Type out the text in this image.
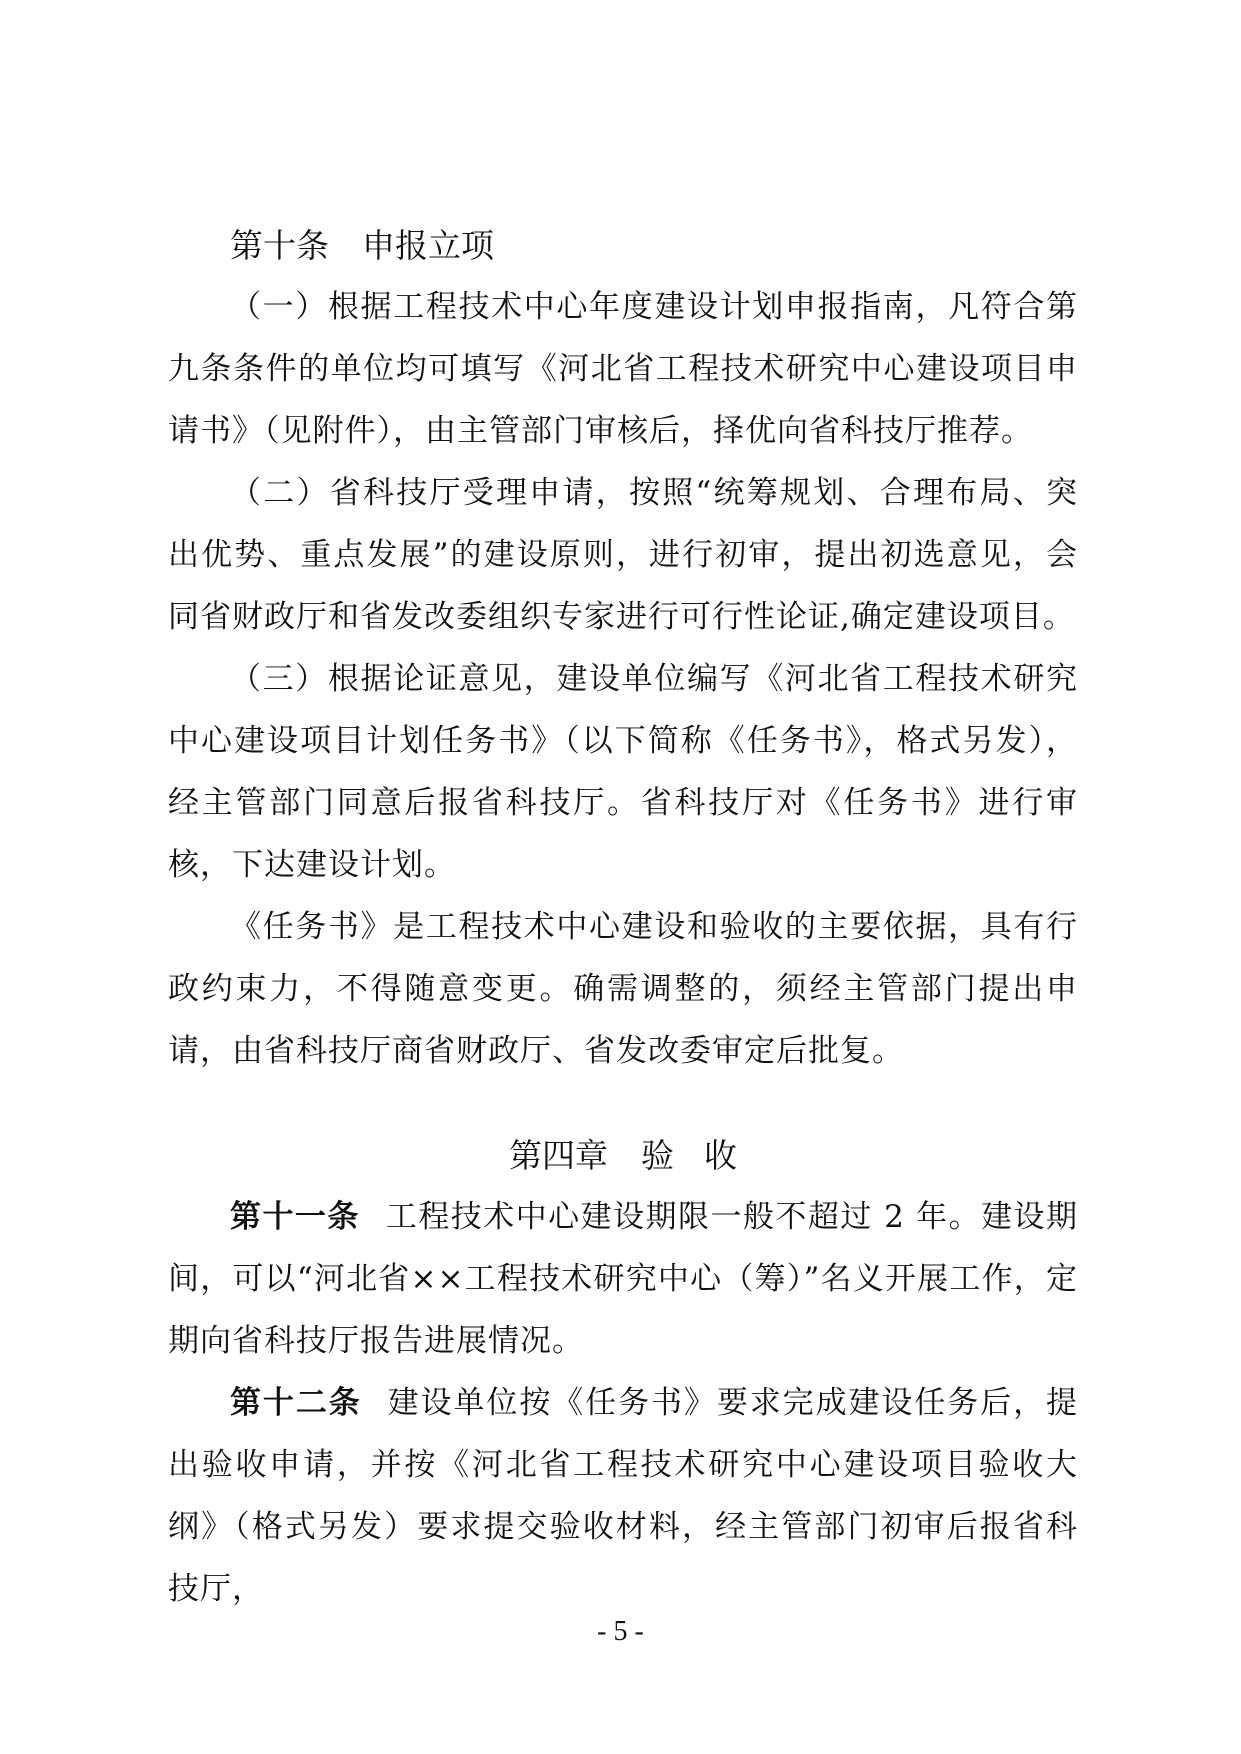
第十条 申报立项

（一）根据工程技术中心年度建设计划申报指南，凡符合第九条条件的单位均可填写《河北省工程技术研究中心建设项目申请书》（见附件），由主管部门审核后，择优向省科技厅推荐。

（二）省科技厅受理申请，按照“统筹规划、合理布局、突出优势、重点发展”的建设原则，进行初审，提出初选意见，会同省财政厅和省发改委组织专家进行可行性论证,确定建设项目。

（三）根据论证意见，建设单位编写《河北省工程技术研究中心建设项目计划任务书》（以下简称《任务书》，格式另发），经主管部门同意后报省科技厅。省科技厅对《任务书》进行审核，下达建设计划。

《任务书》是工程技术中心建设和验收的主要依据，具有行政约束力，不得随意变更。确需调整的，须经主管部门提出申请，由省科技厅商省财政厅、省发改委审定后批复。

第四章 验 收

第十一条 工程技术中心建设期限一般不超过 2 年。建设期间，可以“河北省××工程技术研究中心（筹）”名义开展工作，定期向省科技厅报告进展情况。

第十二条 建设单位按《任务书》要求完成建设任务后，提出验收申请，并按《河北省工程技术研究中心建设项目验收大纲》（格式另发）要求提交验收材料，经主管部门初审后报省科技厅，

- 5 -
